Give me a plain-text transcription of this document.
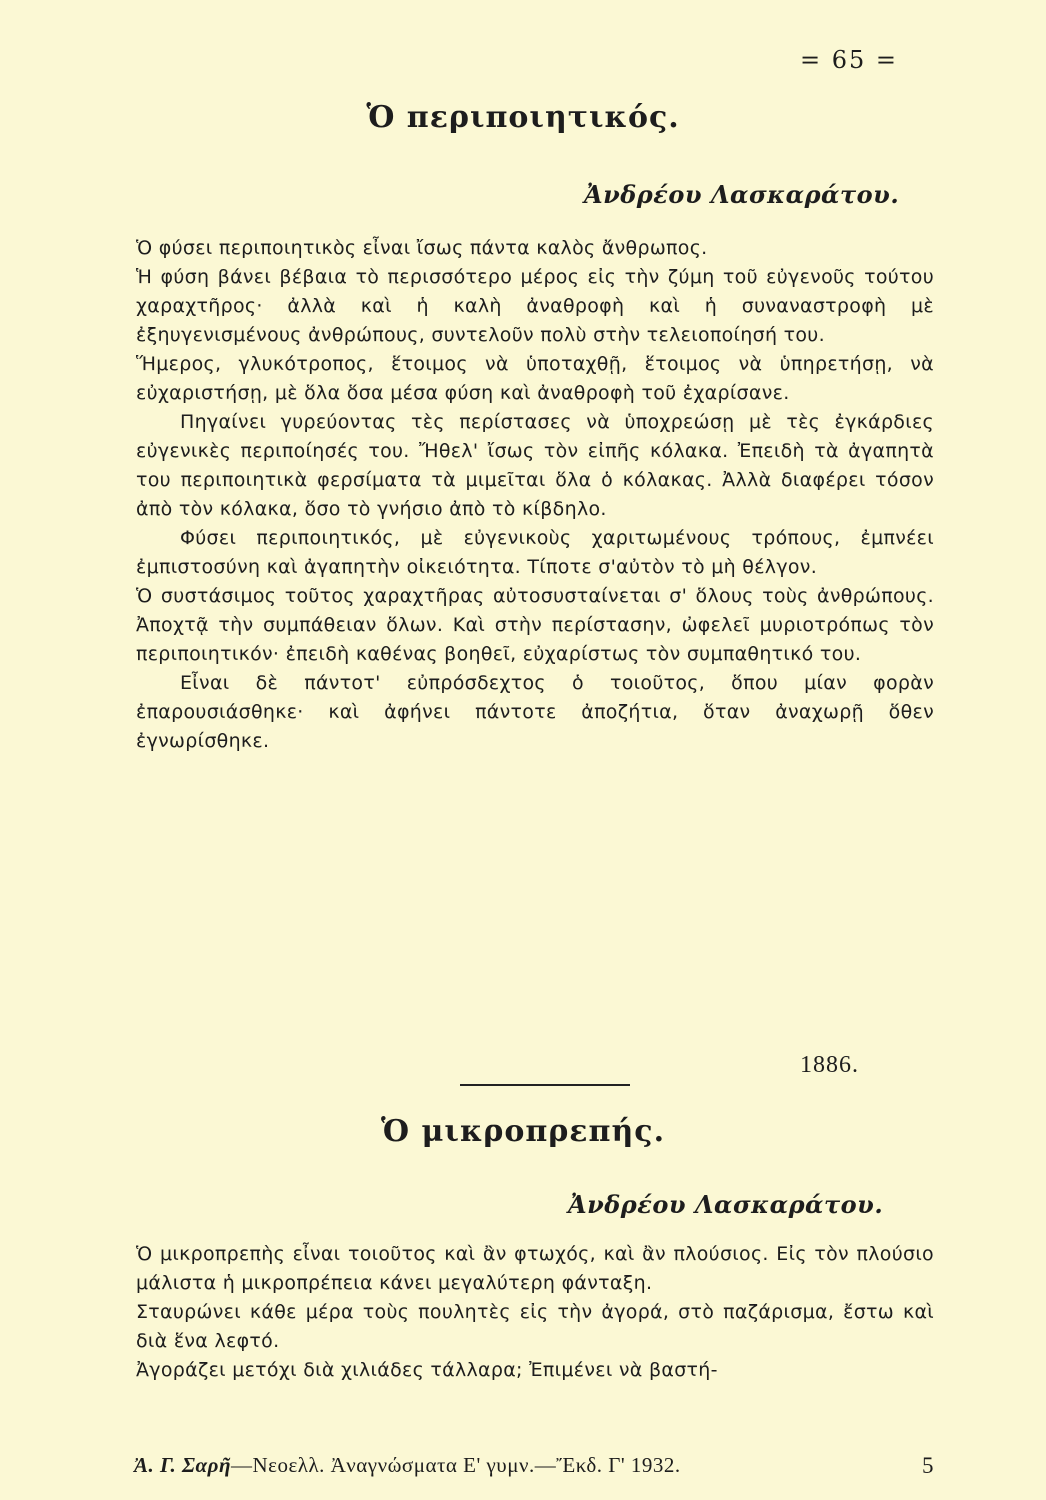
= 65 =
Ὁ περιποιητικός.
Ἀνδρέου Λασκαράτου.

Ὁ φύσει περιποιητικὸς εἶναι ἴσως πάντα καλὸς ἄνθρωπος.

Ἡ φύση βάνει βέβαια τὸ περισσότερο μέρος εἰς τὴν ζύμη τοῦ εὐγενοῦς τούτου χαραχτῆρος· ἀλλὰ καὶ ἡ καλὴ ἀναθροφὴ καὶ ἡ συναναστροφὴ μὲ ἐξηυγενισμένους ἀνθρώπους, συντελοῦν πολὺ στὴν τελειοποίησή του.

Ἥμερος, γλυκότροπος, ἕτοιμος νὰ ὑποταχθῇ, ἕτοιμος νὰ ὑπηρετήσῃ, νὰ εὐχαριστήσῃ, μὲ ὅλα ὅσα μέσα φύση καὶ ἀναθροφὴ τοῦ ἐχαρίσανε.

Πηγαίνει γυρεύοντας τὲς περίστασες νὰ ὑποχρεώσῃ μὲ τὲς ἐγκάρδιες εὐγενικὲς περιποίησές του. Ἤθελ' ἴσως τὸν εἰπῆς κόλακα. Ἐπειδὴ τὰ ἀγαπητὰ του περιποιητικὰ φερσίματα τὰ μιμεῖται ὅλα ὁ κόλακας. Ἀλλὰ διαφέρει τόσον ἀπὸ τὸν κόλακα, ὅσο τὸ γνήσιο ἀπὸ τὸ κίβδηλο.

Φύσει περιποιητικός, μὲ εὐγενικοὺς χαριτωμένους τρόπους, ἐμπνέει ἐμπιστοσύνη καὶ ἀγαπητὴν οἰκειότητα. Τίποτε σ'αὐτὸν τὸ μὴ θέλγον.

Ὁ συστάσιμος τοῦτος χαραχτῆρας αὐτοσυσταίνεται σ' ὅλους τοὺς ἀνθρώπους. Ἀποχτᾷ τὴν συμπάθειαν ὅλων. Καὶ στὴν περίστασην, ὠφελεῖ μυριοτρόπως τὸν περιποιητικόν· ἐπειδὴ καθένας βοηθεῖ, εὐχαρίστως τὸν συμπαθητικό του.

Εἶναι δὲ πάντοτ' εὐπρόσδεχτος ὁ τοιοῦτος, ὅπου μίαν φορὰν ἐπαρουσιάσθηκε· καὶ ἀφήνει πάντοτε ἀποζήτια, ὅταν ἀναχωρῇ ὅθεν ἐγνωρίσθηκε.

1886.
Ὁ μικροπρεπής.
Ἀνδρέου Λασκαράτου.

Ὁ μικροπρεπὴς εἶναι τοιοῦτος καὶ ἂν φτωχός, καὶ ἂν πλούσιος. Εἰς τὸν πλούσιο μάλιστα ἡ μικροπρέπεια κάνει μεγαλύτερη φάνταξη.

Σταυρώνει κάθε μέρα τοὺς πουλητὲς εἰς τὴν ἀγορά, στὸ παζάρισμα, ἔστω καὶ διὰ ἕνα λεφτό.

Ἀγοράζει μετόχι διὰ χιλιάδες τάλλαρα; Ἐπιμένει νὰ βαστή-

Ἀ. Γ. Σαρῆ—Νεοελλ. Ἀναγνώσματα Ε' γυμν.—Ἔκδ. Γ' 1932.	5
